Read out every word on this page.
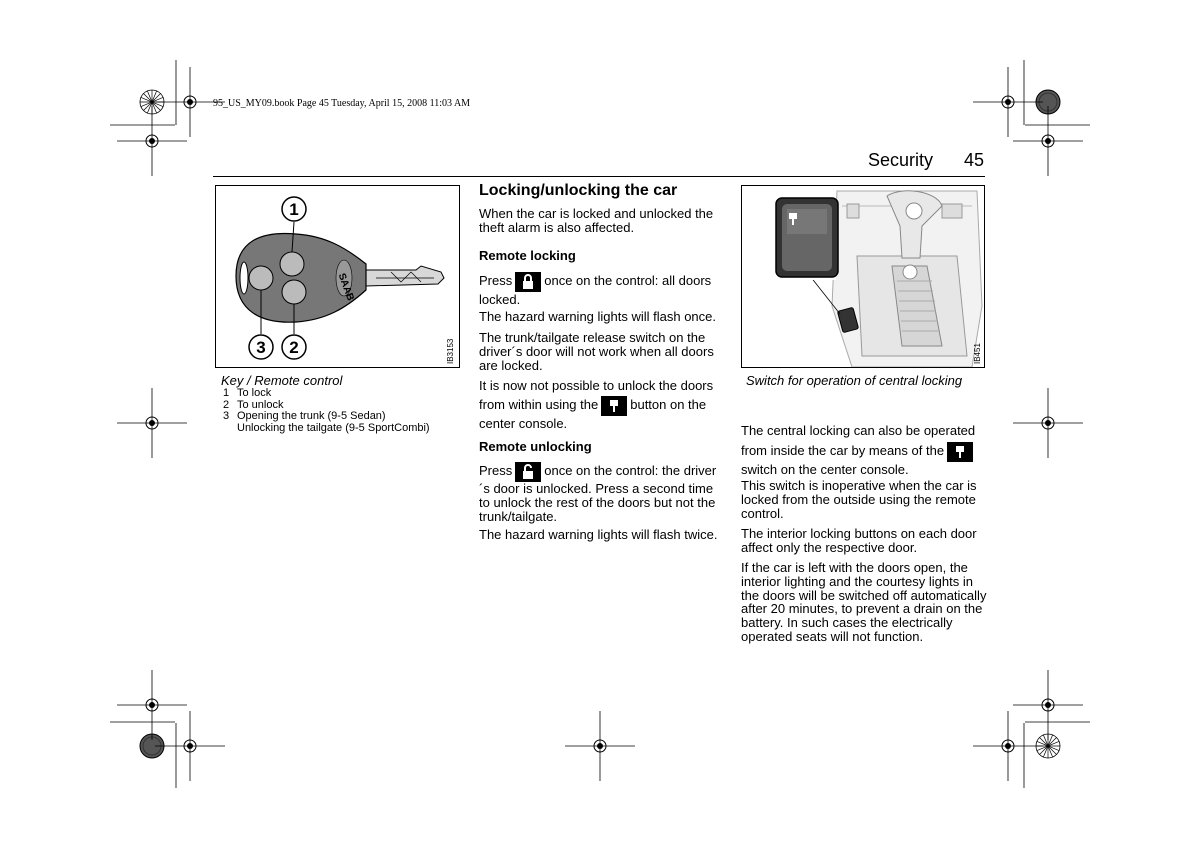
95_US_MY09.book Page 45 Tuesday, April 15, 2008 11:03 AM
Security 45
SAAB
1
2
3	IB3153
Key / Remote control
1 To lock
2 To unlock
3 Opening the trunk (9-5 Sedan)
Unlocking the tailgate (9-5 SportCombi)
Locking/unlocking the car

When the car is locked and unlocked the theft alarm is also affected.

Remote locking

Press once on the control: all doors locked.

The hazard warning lights will flash once.

The trunk/tailgate release switch on the driver´s door will not work when all doors are locked.

It is now not possible to unlock the doors

from within using the button on the center console.

Remote unlocking

Press once on the control: the driver´s door is unlocked. Press a second time to unlock the rest of the doors but not the trunk/tailgate.

The hazard warning lights will flash twice.

IB451
Switch for operation of central locking

The central locking can also be operated

from inside the car by means of theswitch on the center console.

This switch is inoperative when the car is locked from the outside using the remote control.

The interior locking buttons on each door affect only the respective door.

If the car is left with the doors open, the interior lighting and the courtesy lights in the doors will be switched off automatically after 20 minutes, to prevent a drain on the battery. In such cases the electrically operated seats will not function.
